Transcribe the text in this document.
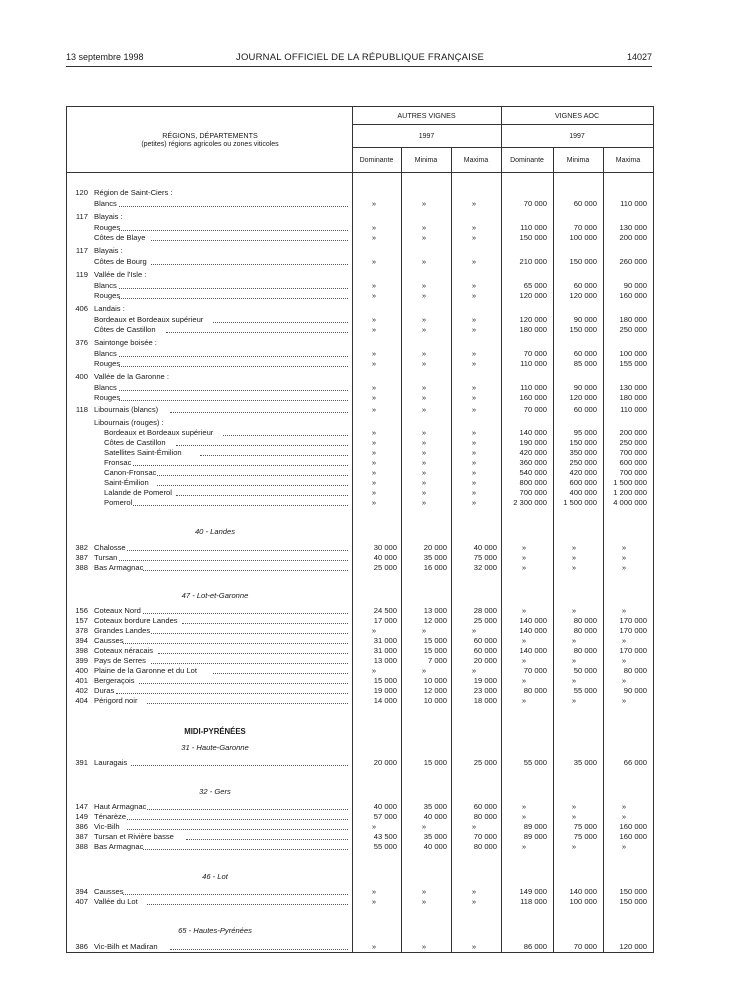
13 septembre 1998	JOURNAL OFFICIEL DE LA RÉPUBLIQUE FRANÇAISE	14027
RÉGIONS, DÉPARTEMENTS
(petites) régions agricoles ou zones viticoles
AUTRES VIGNES	VIGNES AOC
1997	1997
Dominante	Minima	Maxima	Dominante	Minima	Maxima
120 Région de Saint-Ciers :
Blancs	»	»	»	70 000	60 000	110 000
117 Blayais :
Rouges	»	»	»	110 000	70 000	130 000
Côtes de Blaye	»	»	»	150 000	100 000	200 000
117 Blayais :
Côtes de Bourg	»	»	»	210 000	150 000	260 000
119 Vallée de l'Isle :
Blancs	»	»	»	65 000	60 000	90 000
Rouges	»	»	»	120 000	120 000	160 000
406 Landais :
Bordeaux et Bordeaux supérieur	»	»	»	120 000	90 000	180 000
Côtes de Castillon	»	»	»	180 000	150 000	250 000
376 Saintonge boisée :
Blancs	»	»	»	70 000	60 000	100 000
Rouges	»	»	»	110 000	85 000	155 000
400 Vallée de la Garonne :
Blancs	»	»	»	110 000	90 000	130 000
Rouges	»	»	»	160 000	120 000	180 000
118 Libournais (blancs)	»	»	»	70 000	60 000	110 000
Libournais (rouges) :
Bordeaux et Bordeaux supérieur	»	»	»	140 000	95 000	200 000
Côtes de Castillon	»	»	»	190 000	150 000	250 000
Satellites Saint-Émilion	»	»	»	420 000	350 000	700 000
Fronsac	»	»	»	360 000	250 000	600 000
Canon-Fronsac	»	»	»	540 000	420 000	700 000
Saint-Émilion	»	»	»	800 000	600 000	1 500 000
Lalande de Pomerol	»	»	»	700 000	400 000	1 200 000
Pomerol	»	»	»	2 300 000	1 500 000	4 000 000
40 - Landes
382 Chalosse	30 000	20 000	40 000	»	»	»
387 Tursan	40 000	35 000	75 000	»	»	»
388 Bas Armagnac	25 000	16 000	32 000	»	»	»
47 - Lot-et-Garonne
156 Coteaux Nord	24 500	13 000	28 000	»	»	»
157 Coteaux bordure Landes	17 000	12 000	25 000	140 000	80 000	170 000
378 Grandes Landes	»	»	»	140 000	80 000	170 000
394 Causses	31 000	15 000	60 000	»	»	»
398 Coteaux néracais	31 000	15 000	60 000	140 000	80 000	170 000
399 Pays de Serres	13 000	7 000	20 000	»	»	»
400 Plaine de la Garonne et du Lot	»	»	»	70 000	50 000	80 000
401 Bergeraçois	15 000	10 000	19 000	»	»	»
402 Duras	19 000	12 000	23 000	80 000	55 000	90 000
404 Périgord noir	14 000	10 000	18 000	»	»	»
MIDI-PYRÉNÉES
31 - Haute-Garonne
391 Lauragais	20 000	15 000	25 000	55 000	35 000	66 000
32 - Gers
147 Haut Armagnac	40 000	35 000	60 000	»	»	»
149 Ténarèze	57 000	40 000	80 000	»	»	»
386 Vic-Bilh	»	»	»	89 000	75 000	160 000
387 Tursan et Rivière basse	43 500	35 000	70 000	89 000	75 000	160 000
388 Bas Armagnac	55 000	40 000	80 000	»	»	»
46 - Lot
394 Causses	»	»	»	149 000	140 000	150 000
407 Vallée du Lot	»	»	»	118 000	100 000	150 000
65 - Hautes-Pyrénées
386 Vic-Bilh et Madiran	»	»	»	86 000	70 000	120 000
